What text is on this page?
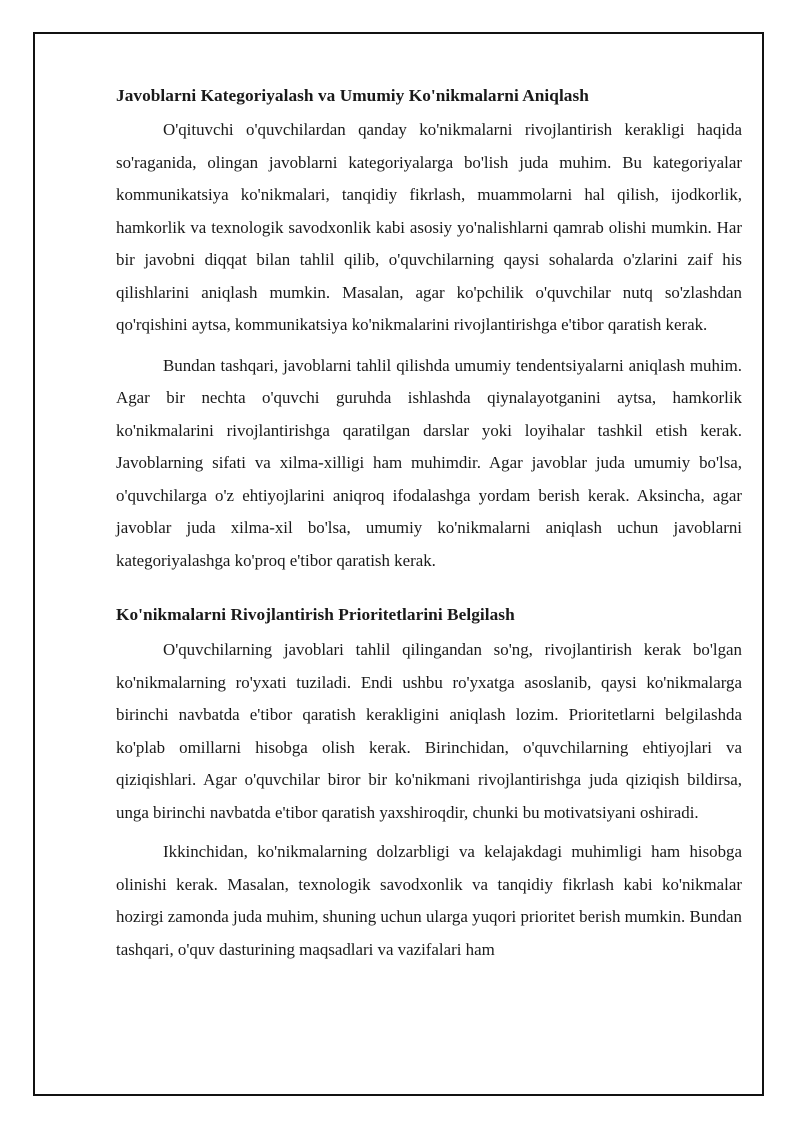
Javoblarni Kategoriyalash va Umumiy Ko'nikmalarni Aniqlash

O'qituvchi o'quvchilardan qanday ko'nikmalarni rivojlantirish kerakligi haqida so'raganida, olingan javoblarni kategoriyalarga bo'lish juda muhim. Bu kategoriyalar kommunikatsiya ko'nikmalari, tanqidiy fikrlash, muammolarni hal qilish, ijodkorlik, hamkorlik va texnologik savodxonlik kabi asosiy yo'nalishlarni qamrab olishi mumkin. Har bir javobni diqqat bilan tahlil qilib, o'quvchilarning qaysi sohalarda o'zlarini zaif his qilishlarini aniqlash mumkin. Masalan, agar ko'pchilik o'quvchilar nutq so'zlashdan qo'rqishini aytsa, kommunikatsiya ko'nikmalarini rivojlantirishga e'tibor qaratish kerak.

Bundan tashqari, javoblarni tahlil qilishda umumiy tendentsiyalarni aniqlash muhim. Agar bir nechta o'quvchi guruhda ishlashda qiynalayotganini aytsa, hamkorlik ko'nikmalarini rivojlantirishga qaratilgan darslar yoki loyihalar tashkil etish kerak. Javoblarning sifati va xilma-xilligi ham muhimdir. Agar javoblar juda umumiy bo'lsa, o'quvchilarga o'z ehtiyojlarini aniqroq ifodalashga yordam berish kerak. Aksincha, agar javoblar juda xilma-xil bo'lsa, umumiy ko'nikmalarni aniqlash uchun javoblarni kategoriyalashga ko'proq e'tibor qaratish kerak.

Ko'nikmalarni Rivojlantirish Prioritetlarini Belgilash

O'quvchilarning javoblari tahlil qilingandan so'ng, rivojlantirish kerak bo'lgan ko'nikmalarning ro'yxati tuziladi. Endi ushbu ro'yxatga asoslanib, qaysi ko'nikmalarga birinchi navbatda e'tibor qaratish kerakligini aniqlash lozim. Prioritetlarni belgilashda ko'plab omillarni hisobga olish kerak. Birinchidan, o'quvchilarning ehtiyojlari va qiziqishlari. Agar o'quvchilar biror bir ko'nikmani rivojlantirishga juda qiziqish bildirsa, unga birinchi navbatda e'tibor qaratish yaxshiroqdir, chunki bu motivatsiyani oshiradi.

Ikkinchidan, ko'nikmalarning dolzarbligi va kelajakdagi muhimligi ham hisobga olinishi kerak. Masalan, texnologik savodxonlik va tanqidiy fikrlash kabi ko'nikmalar hozirgi zamonda juda muhim, shuning uchun ularga yuqori prioritet berish mumkin. Bundan tashqari, o'quv dasturining maqsadlari va vazifalari ham
